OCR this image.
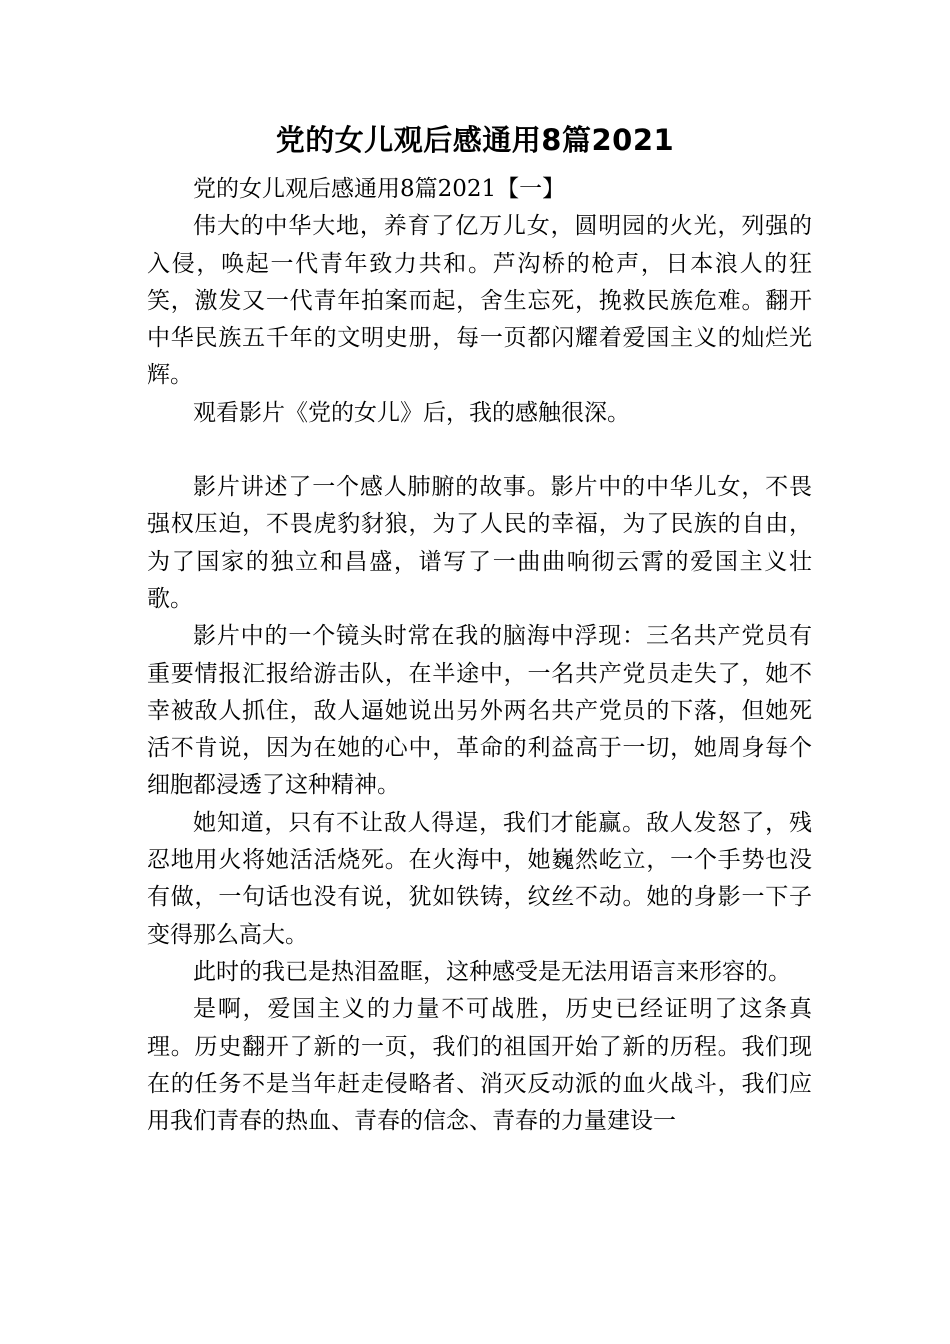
党的女儿观后感通用8篇2021

党的女儿观后感通用8篇2021【一】

伟大的中华大地，养育了亿万儿女，圆明园的火光，列强的入侵，唤起一代青年致力共和。芦沟桥的枪声，日本浪人的狂笑，激发又一代青年拍案而起，舍生忘死，挽救民族危难。翻开中华民族五千年的文明史册，每一页都闪耀着爱国主义的灿烂光辉。

观看影片《党的女儿》后，我的感触很深。

影片讲述了一个感人肺腑的故事。影片中的中华儿女，不畏强权压迫，不畏虎豹豺狼，为了人民的幸福，为了民族的自由，为了国家的独立和昌盛，谱写了一曲曲响彻云霄的爱国主义壮歌。

影片中的一个镜头时常在我的脑海中浮现：三名共产党员有重要情报汇报给游击队，在半途中，一名共产党员走失了，她不幸被敌人抓住，敌人逼她说出另外两名共产党员的下落，但她死活不肯说，因为在她的心中，革命的利益高于一切，她周身每个细胞都浸透了这种精神。

她知道，只有不让敌人得逞，我们才能赢。敌人发怒了，残忍地用火将她活活烧死。在火海中，她巍然屹立，一个手势也没有做，一句话也没有说，犹如铁铸，纹丝不动。她的身影一下子变得那么高大。

此时的我已是热泪盈眶，这种感受是无法用语言来形容的。

是啊，爱国主义的力量不可战胜，历史已经证明了这条真理。历史翻开了新的一页，我们的祖国开始了新的历程。我们现在的任务不是当年赶走侵略者、消灭反动派的血火战斗，我们应用我们青春的热血、青春的信念、青春的力量建设一
